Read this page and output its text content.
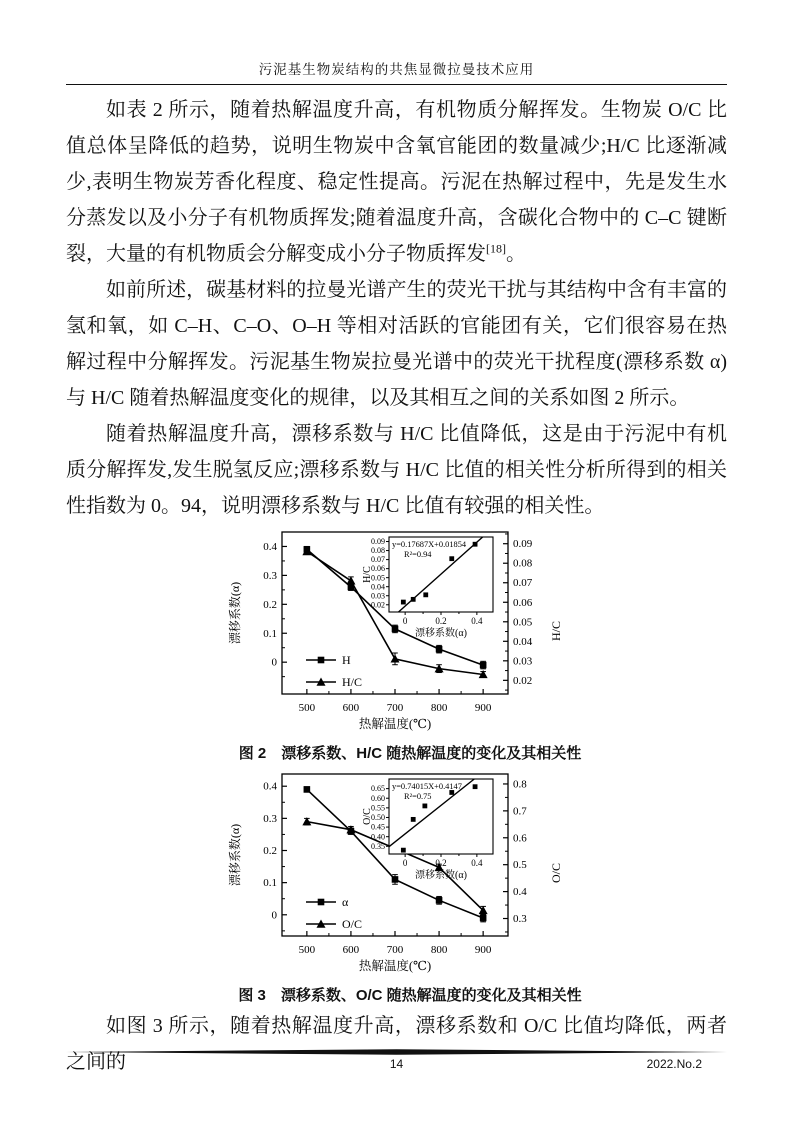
污泥基生物炭结构的共焦显微拉曼技术应用

如表 2 所示，随着热解温度升高，有机物质分解挥发。生物炭 O/C 比值总体呈降低的趋势，说明生物炭中含氧官能团的数量减少;H/C 比逐渐减少,表明生物炭芳香化程度、稳定性提高。污泥在热解过程中，先是发生水分蒸发以及小分子有机物质挥发;随着温度升高，含碳化合物中的 C–C 键断裂，大量的有机物质会分解变成小分子物质挥发[18]。

如前所述，碳基材料的拉曼光谱产生的荧光干扰与其结构中含有丰富的氢和氧，如 C–H、C–O、O–H 等相对活跃的官能团有关，它们很容易在热解过程中分解挥发。污泥基生物炭拉曼光谱中的荧光干扰程度(漂移系数 α)与 H/C 随着热解温度变化的规律，以及其相互之间的关系如图 2 所示。

随着热解温度升高，漂移系数与 H/C 比值降低，这是由于污泥中有机质分解挥发,发生脱氢反应;漂移系数与 H/C 比值的相关性分析所得到的相关性指数为 0。94，说明漂移系数与 H/C 比值有较强的相关性。

0
0.1
0.2
0.3
0.4
0.02
0.03
0.04
0.05
0.06
0.07
0.08
0.09
500	600	700	800	900
热解温度(℃)
漂移系数(α)	H/C
H
H/C
0.02
0.03
0.04
0.05
0.06
0.07
0.08
0.09
0	0.2	0.4
y=0.17687X+0.01854
R²=0.94
漂移系数(α)
H/C
图 2　漂移系数、H/C 随热解温度的变化及其相关性
0
0.1
0.2
0.3
0.4
0.3
0.4
0.5
0.6
0.7
0.8
500	600	700	800	900
热解温度(℃)
漂移系数(α)	O/C
α
O/C
0.35
0.40
0.45
0.50
0.55
0.60
0.65
0	0.2	0.4
y=0.74015X+0.4147
R²=0.75
漂移系数(α)
O/C
图 3　漂移系数、O/C 随热解温度的变化及其相关性

如图 3 所示，随着热解温度升高，漂移系数和 O/C 比值均降低，两者之间的	14	2022.No.2
